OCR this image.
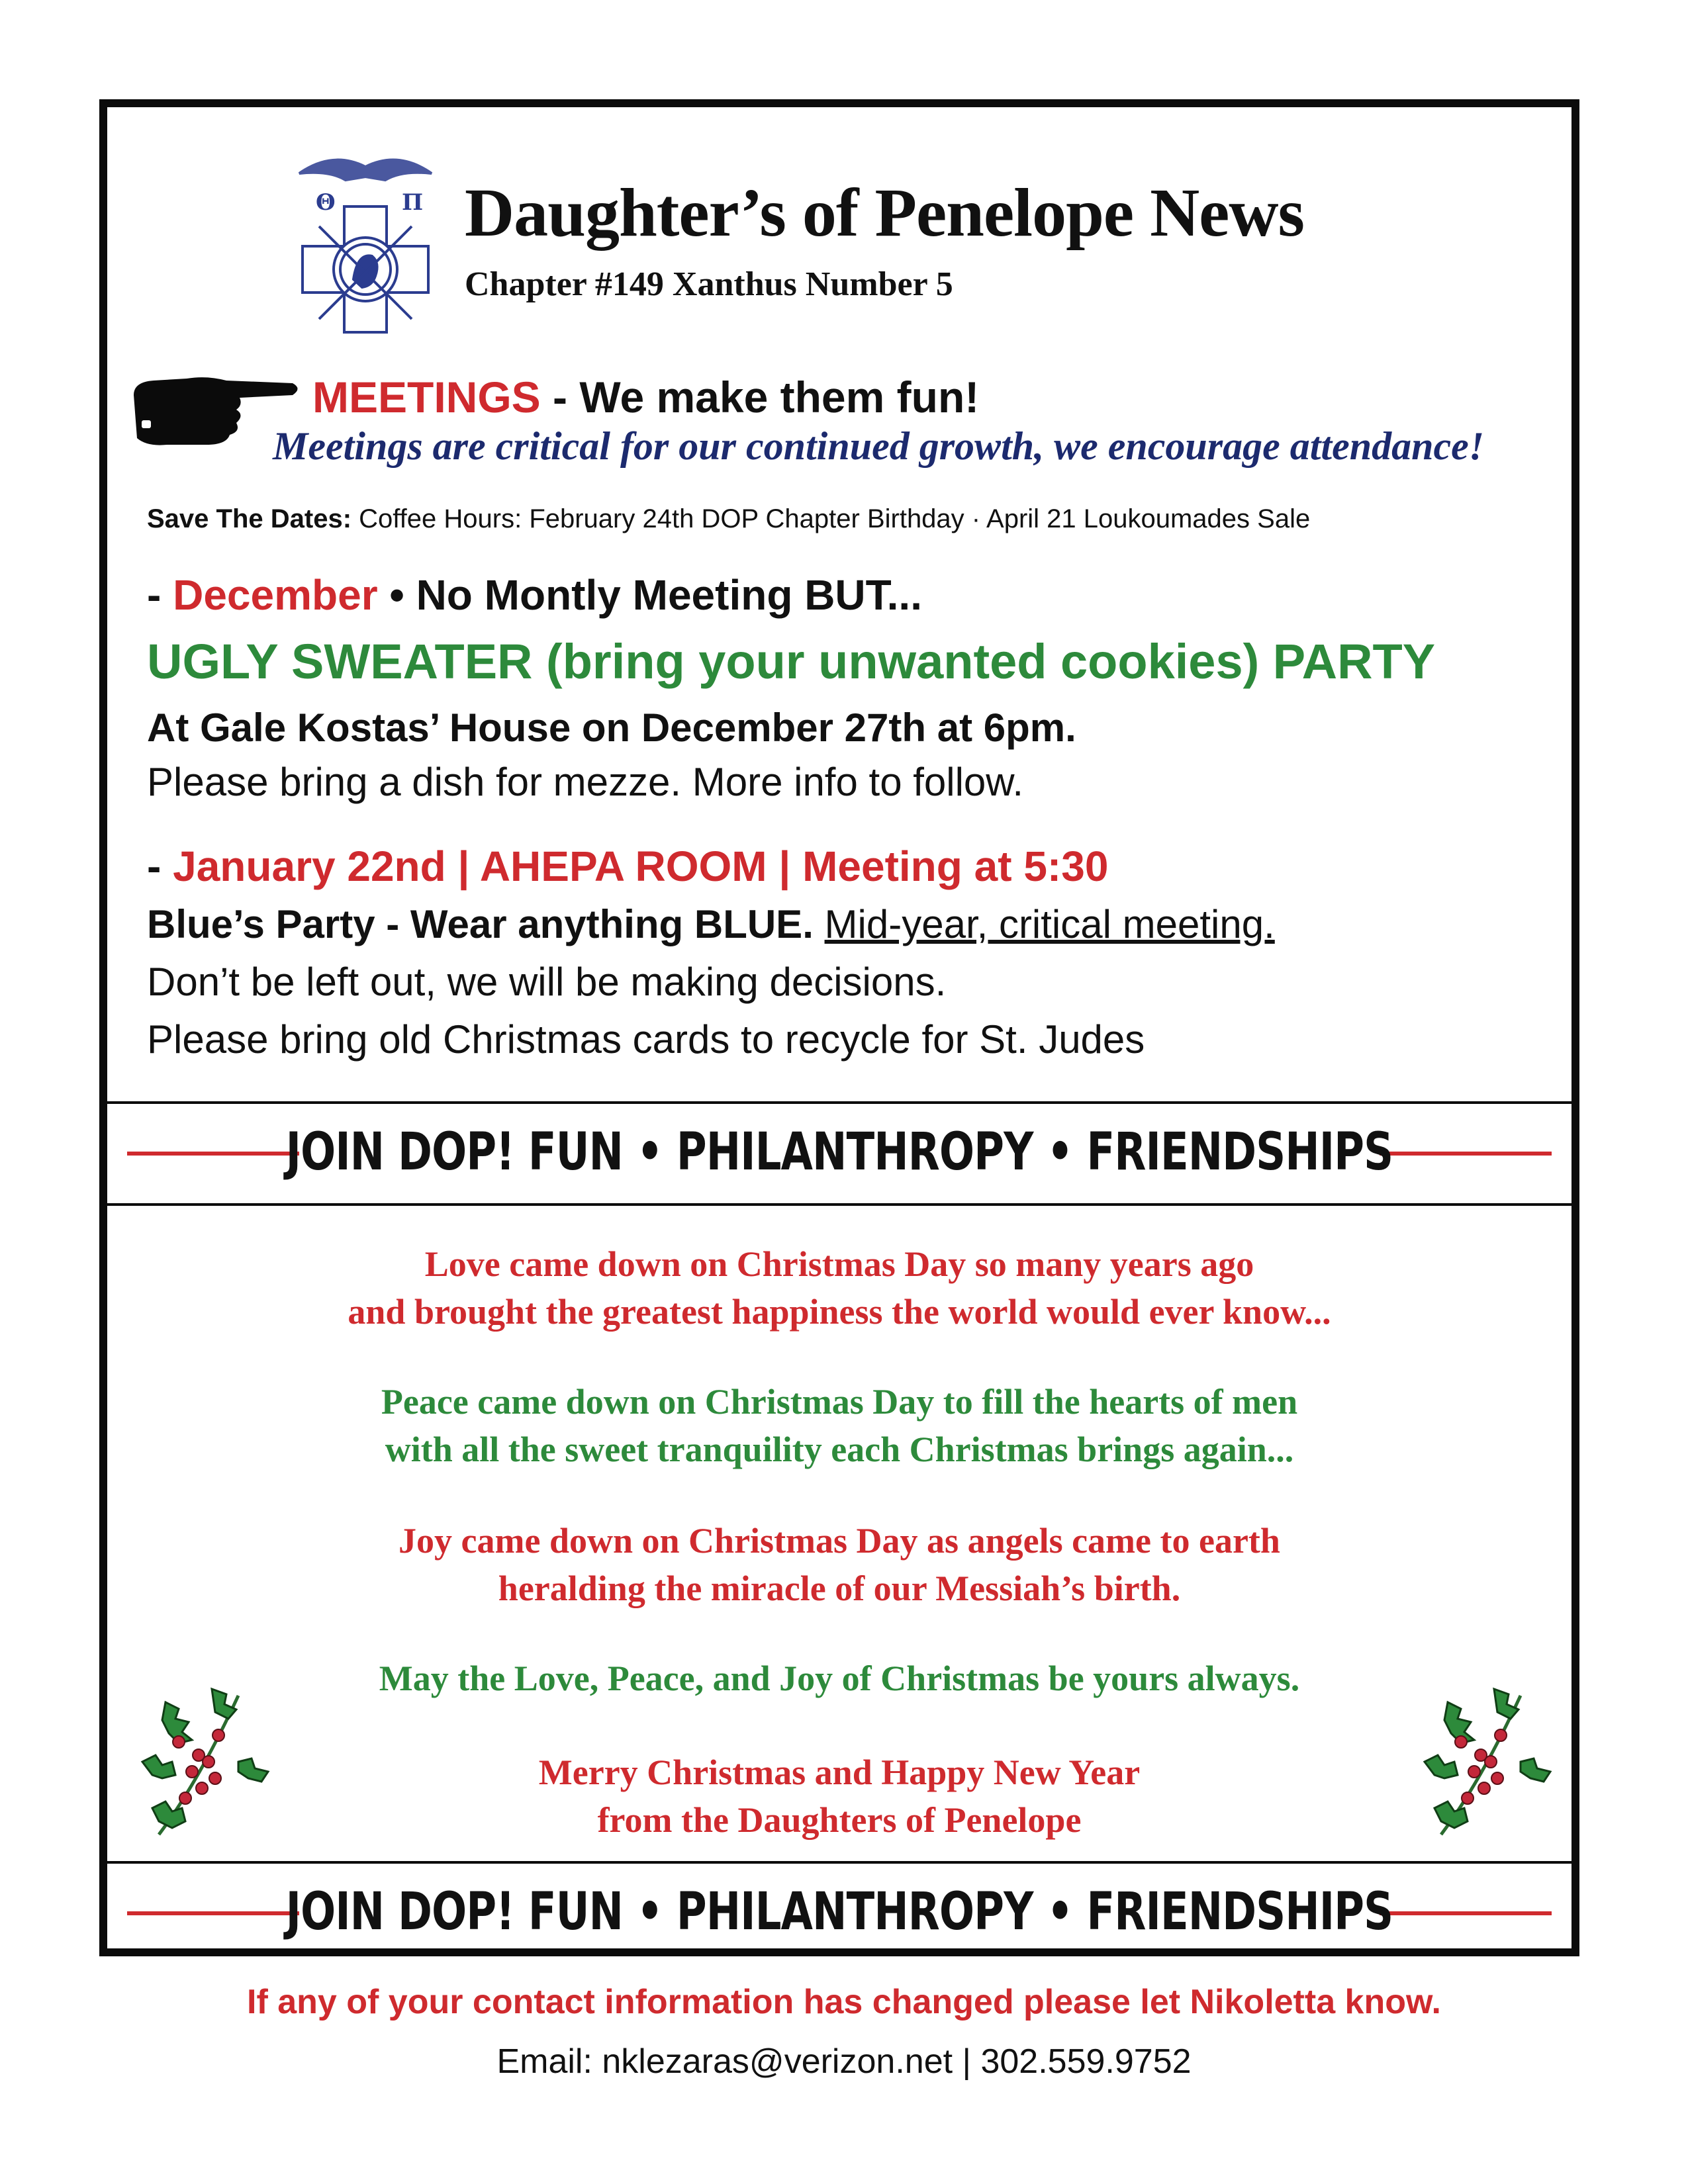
Θ	Π Daughter’s of Penelope News
Chapter #149 Xanthus Number 5
MEETINGS - We make them fun!
Meetings are critical for our continued growth, we encourage attendance!
Save The Dates: Coffee Hours: February 24th DOP Chapter Birthday · April 21 Loukoumades Sale
- December • No Montly Meeting BUT...
UGLY SWEATER (bring your unwanted cookies) PARTY
At Gale Kostas’ House on December 27th at 6pm.
Please bring a dish for mezze. More info to follow.
- January 22nd | AHEPA ROOM | Meeting at 5:30
Blue’s Party - Wear anything BLUE. Mid-year, critical meeting.
Don’t be left out, we will be making decisions.
Please bring old Christmas cards to recycle for St. Judes
JOIN DOP! FUN • PHILANTHROPY • FRIENDSHIPS
Love came down on Christmas Day so many years ago
and brought the greatest happiness the world would ever know...
Peace came down on Christmas Day to fill the hearts of men
with all the sweet tranquility each Christmas brings again...
Joy came down on Christmas Day as angels came to earth
heralding the miracle of our Messiah’s birth.
May the Love, Peace, and Joy of Christmas be yours always.
Merry Christmas and Happy New Year
from the Daughters of Penelope
JOIN DOP! FUN • PHILANTHROPY • FRIENDSHIPS
If any of your contact information has changed please let Nikoletta know.
Email: nklezaras@verizon.net | 302.559.9752
